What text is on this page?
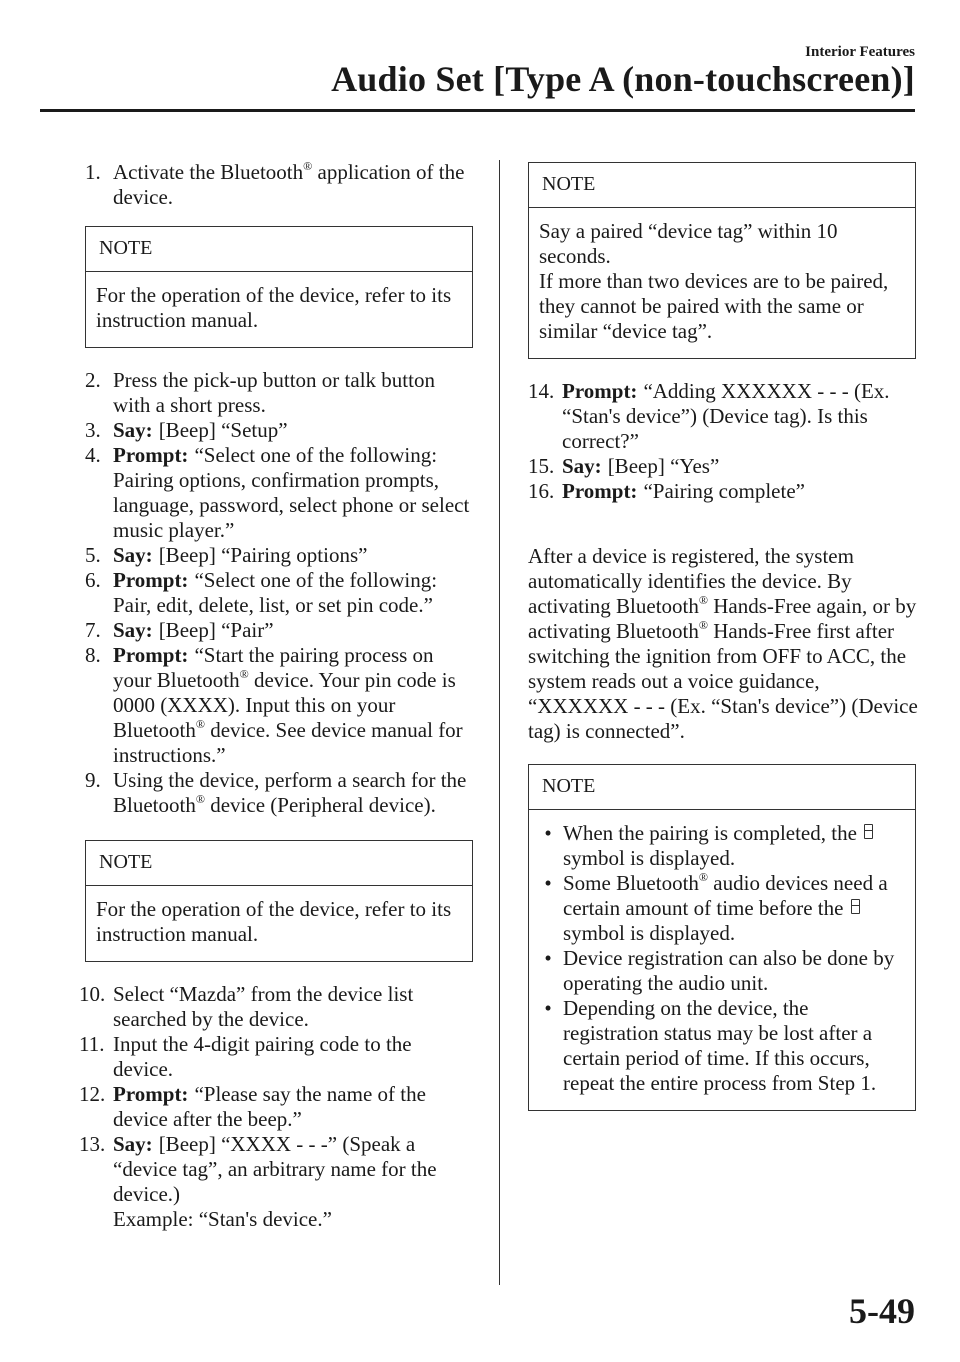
Interior Features
Audio Set [Type A (non-touchscreen)]
1. Activate the Bluetooth® application of the device.
NOTE
For the operation of the device, refer to its instruction manual.
2. Press the pick-up button or talk button with a short press.
3. Say: [Beep] “Setup”
4. Prompt: “Select one of the following: Pairing options, confirmation prompts, language, password, select phone or select music player.”
5. Say: [Beep] “Pairing options”
6. Prompt: “Select one of the following: Pair, edit, delete, list, or set pin code.”
7. Say: [Beep] “Pair”
8. Prompt: “Start the pairing process on your Bluetooth® device. Your pin code is 0000 (XXXX). Input this on your Bluetooth® device. See device manual for instructions.”
9. Using the device, perform a search for the Bluetooth® device (Peripheral device).
NOTE
For the operation of the device, refer to its instruction manual.
10. Select “Mazda” from the device list searched by the device.
11. Input the 4-digit pairing code to the device.
12. Prompt: “Please say the name of the device after the beep.”
13. Say: [Beep] “XXXX - - -” (Speak a “device tag”, an arbitrary name for the device.)
Example: “Stan's device.”
NOTE
Say a paired “device tag” within 10 seconds.
If more than two devices are to be paired, they cannot be paired with the same or similar “device tag”.
14. Prompt: “Adding XXXXXX - - - (Ex. “Stan's device”) (Device tag). Is this correct?”
15. Say: [Beep] “Yes”
16. Prompt: “Pairing complete”
After a device is registered, the system automatically identifies the device. By activating Bluetooth® Hands-Free again, or by activating Bluetooth® Hands-Free first after switching the ignition from OFF to ACC, the system reads out a voice guidance, “XXXXXX - - - (Ex. “Stan's device”) (Device tag) is connected”.
NOTE
• When the pairing is completed, the  symbol is displayed.
• Some Bluetooth® audio devices need a certain amount of time before the  symbol is displayed.
• Device registration can also be done by operating the audio unit.
• Depending on the device, the registration status may be lost after a certain period of time. If this occurs, repeat the entire process from Step 1.
5-49
